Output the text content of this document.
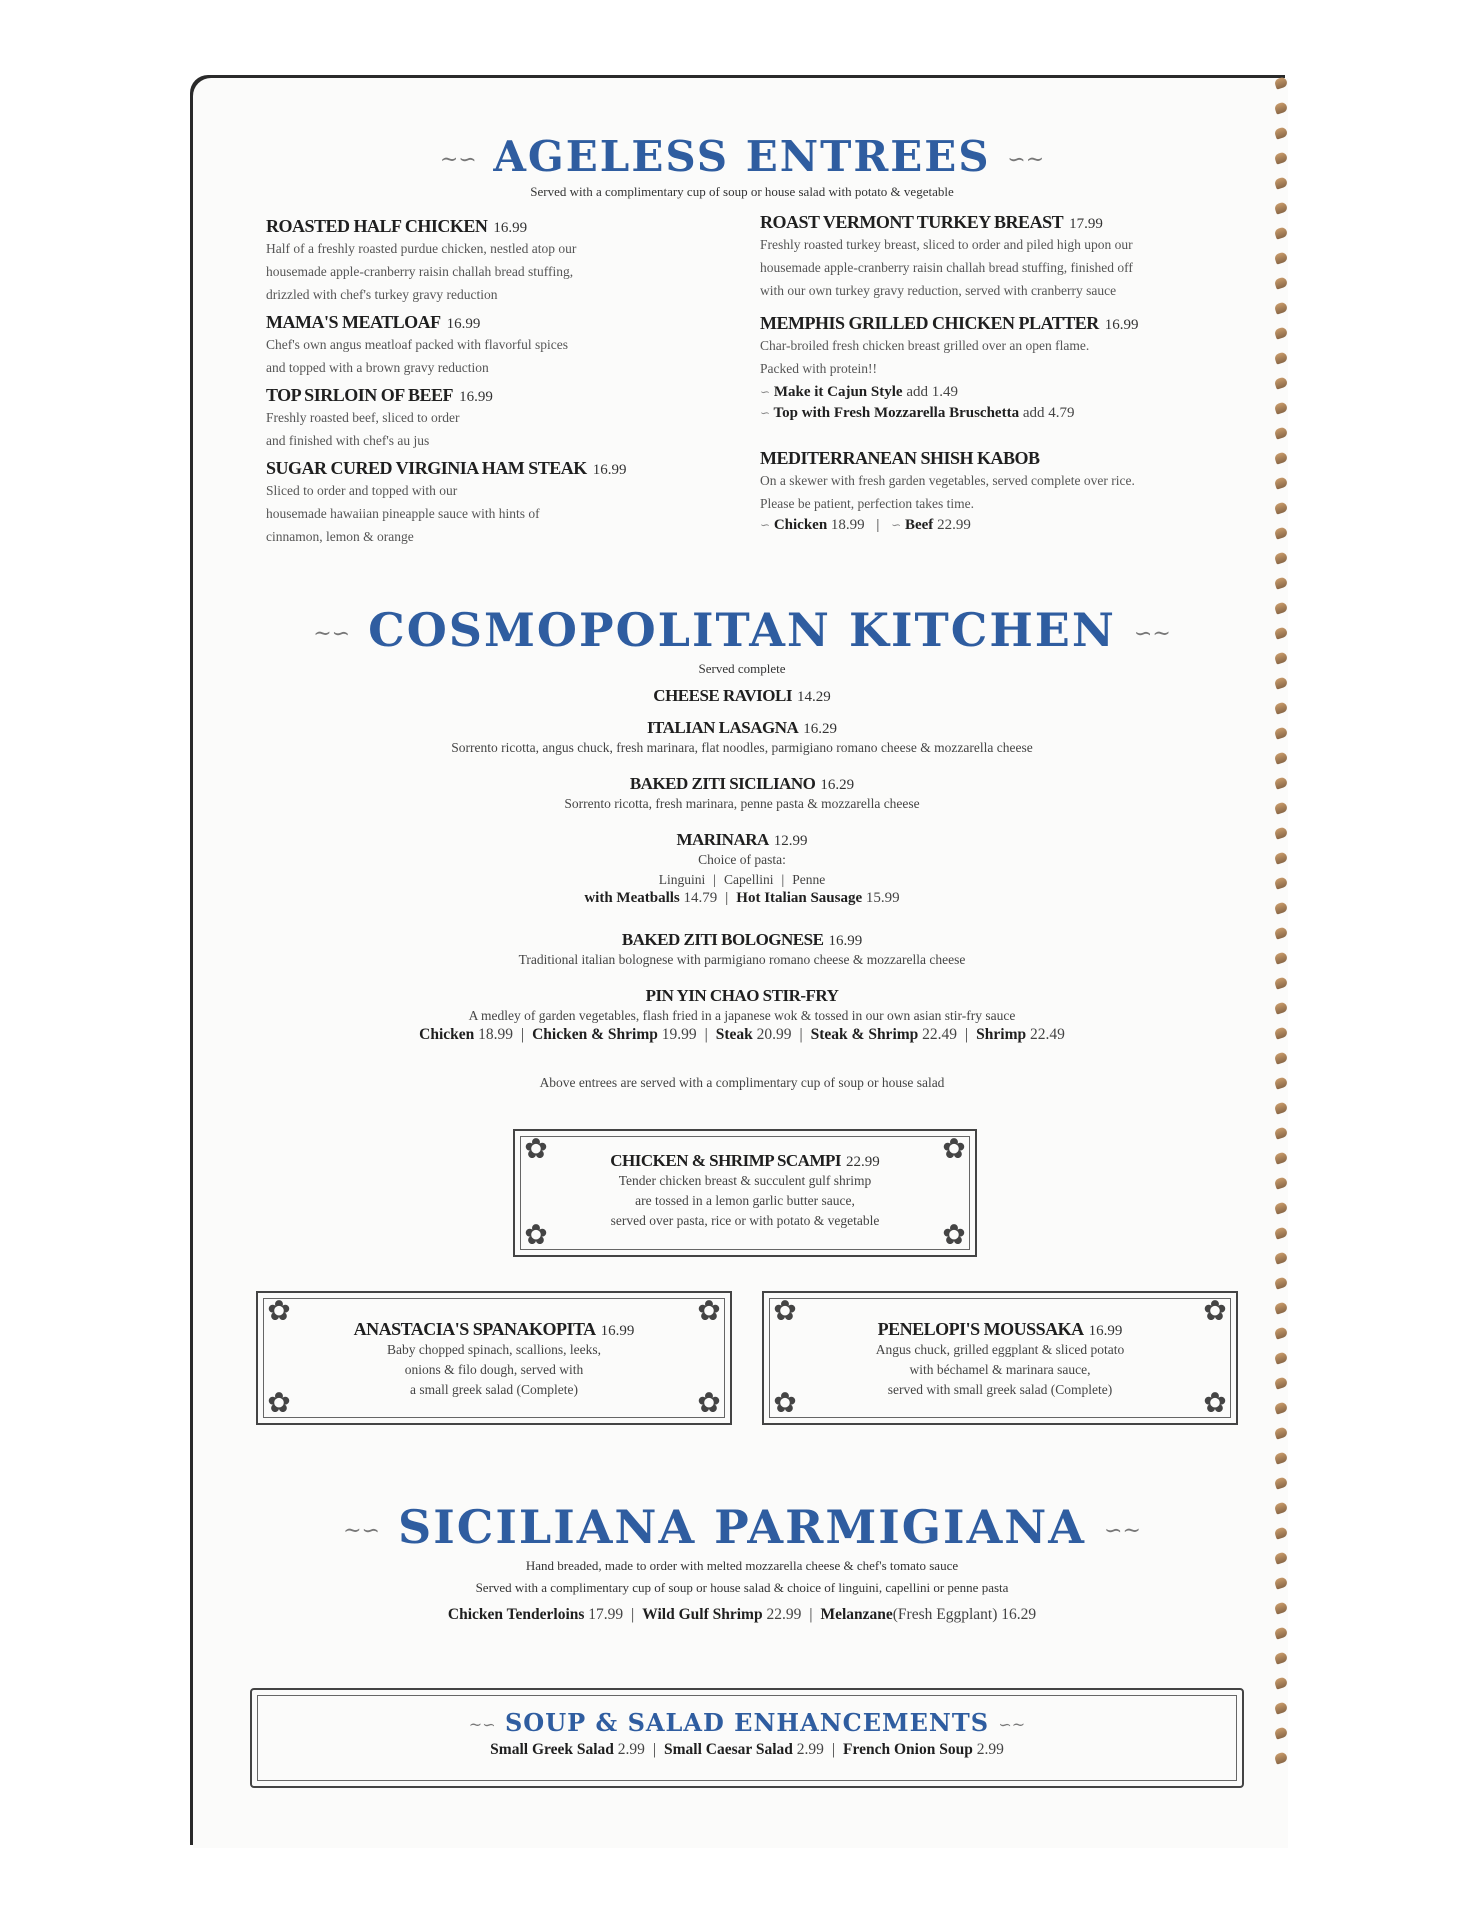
~∽ AGELESS ENTREES ∽~
Served with a complimentary cup of soup or house salad with potato & vegetable
ROASTED HALF CHICKEN 16.99
Half of a freshly roasted purdue chicken, nestled atop our
housemade apple-cranberry raisin challah bread stuffing,
drizzled with chef's turkey gravy reduction
MAMA'S MEATLOAF 16.99
Chef's own angus meatloaf packed with flavorful spices
and topped with a brown gravy reduction
TOP SIRLOIN OF BEEF 16.99
Freshly roasted beef, sliced to order
and finished with chef's au jus
SUGAR CURED VIRGINIA HAM STEAK 16.99
Sliced to order and topped with our
housemade hawaiian pineapple sauce with hints of
cinnamon, lemon & orange
ROAST VERMONT TURKEY BREAST 17.99
Freshly roasted turkey breast, sliced to order and piled high upon our
housemade apple-cranberry raisin challah bread stuffing, finished off
with our own turkey gravy reduction, served with cranberry sauce
MEMPHIS GRILLED CHICKEN PLATTER 16.99
Char-broiled fresh chicken breast grilled over an open flame.
Packed with protein!!
∽ Make it Cajun Style add 1.49
∽ Top with Fresh Mozzarella Bruschetta add 4.79
MEDITERRANEAN SHISH KABOB
On a skewer with fresh garden vegetables, served complete over rice.
Please be patient, perfection takes time.
∽ Chicken 18.99 | ∽ Beef 22.99
~∽ COSMOPOLITAN KITCHEN ∽~
Served complete
CHEESE RAVIOLI 14.29
ITALIAN LASAGNA 16.29
Sorrento ricotta, angus chuck, fresh marinara, flat noodles, parmigiano romano cheese & mozzarella cheese
BAKED ZITI SICILIANO 16.29
Sorrento ricotta, fresh marinara, penne pasta & mozzarella cheese
MARINARA 12.99
Choice of pasta:
Linguini | Capellini | Penne
with Meatballs 14.79 | Hot Italian Sausage 15.99
BAKED ZITI BOLOGNESE 16.99
Traditional italian bolognese with parmigiano romano cheese & mozzarella cheese
PIN YIN CHAO STIR-FRY
A medley of garden vegetables, flash fried in a japanese wok & tossed in our own asian stir-fry sauce
Chicken 18.99 | Chicken & Shrimp 19.99 | Steak 20.99 | Steak & Shrimp 22.49 | Shrimp 22.49
Above entrees are served with a complimentary cup of soup or house salad
✿	✿
✿	✿
CHICKEN & SHRIMP SCAMPI 22.99
Tender chicken breast & succulent gulf shrimp
are tossed in a lemon garlic butter sauce,
served over pasta, rice or with potato & vegetable
✿	✿
✿	✿
ANASTACIA'S SPANAKOPITA 16.99
Baby chopped spinach, scallions, leeks,
onions & filo dough, served with
a small greek salad (Complete)
✿	✿
✿	✿
PENELOPI'S MOUSSAKA 16.99
Angus chuck, grilled eggplant & sliced potato
with béchamel & marinara sauce,
served with small greek salad (Complete)
~∽ SICILIANA PARMIGIANA ∽~
Hand breaded, made to order with melted mozzarella cheese & chef's tomato sauce
Served with a complimentary cup of soup or house salad & choice of linguini, capellini or penne pasta
Chicken Tenderloins 17.99 | Wild Gulf Shrimp 22.99 | Melanzane(Fresh Eggplant) 16.29
~∽ SOUP & SALAD ENHANCEMENTS ∽~
Small Greek Salad 2.99 | Small Caesar Salad 2.99 | French Onion Soup 2.99
